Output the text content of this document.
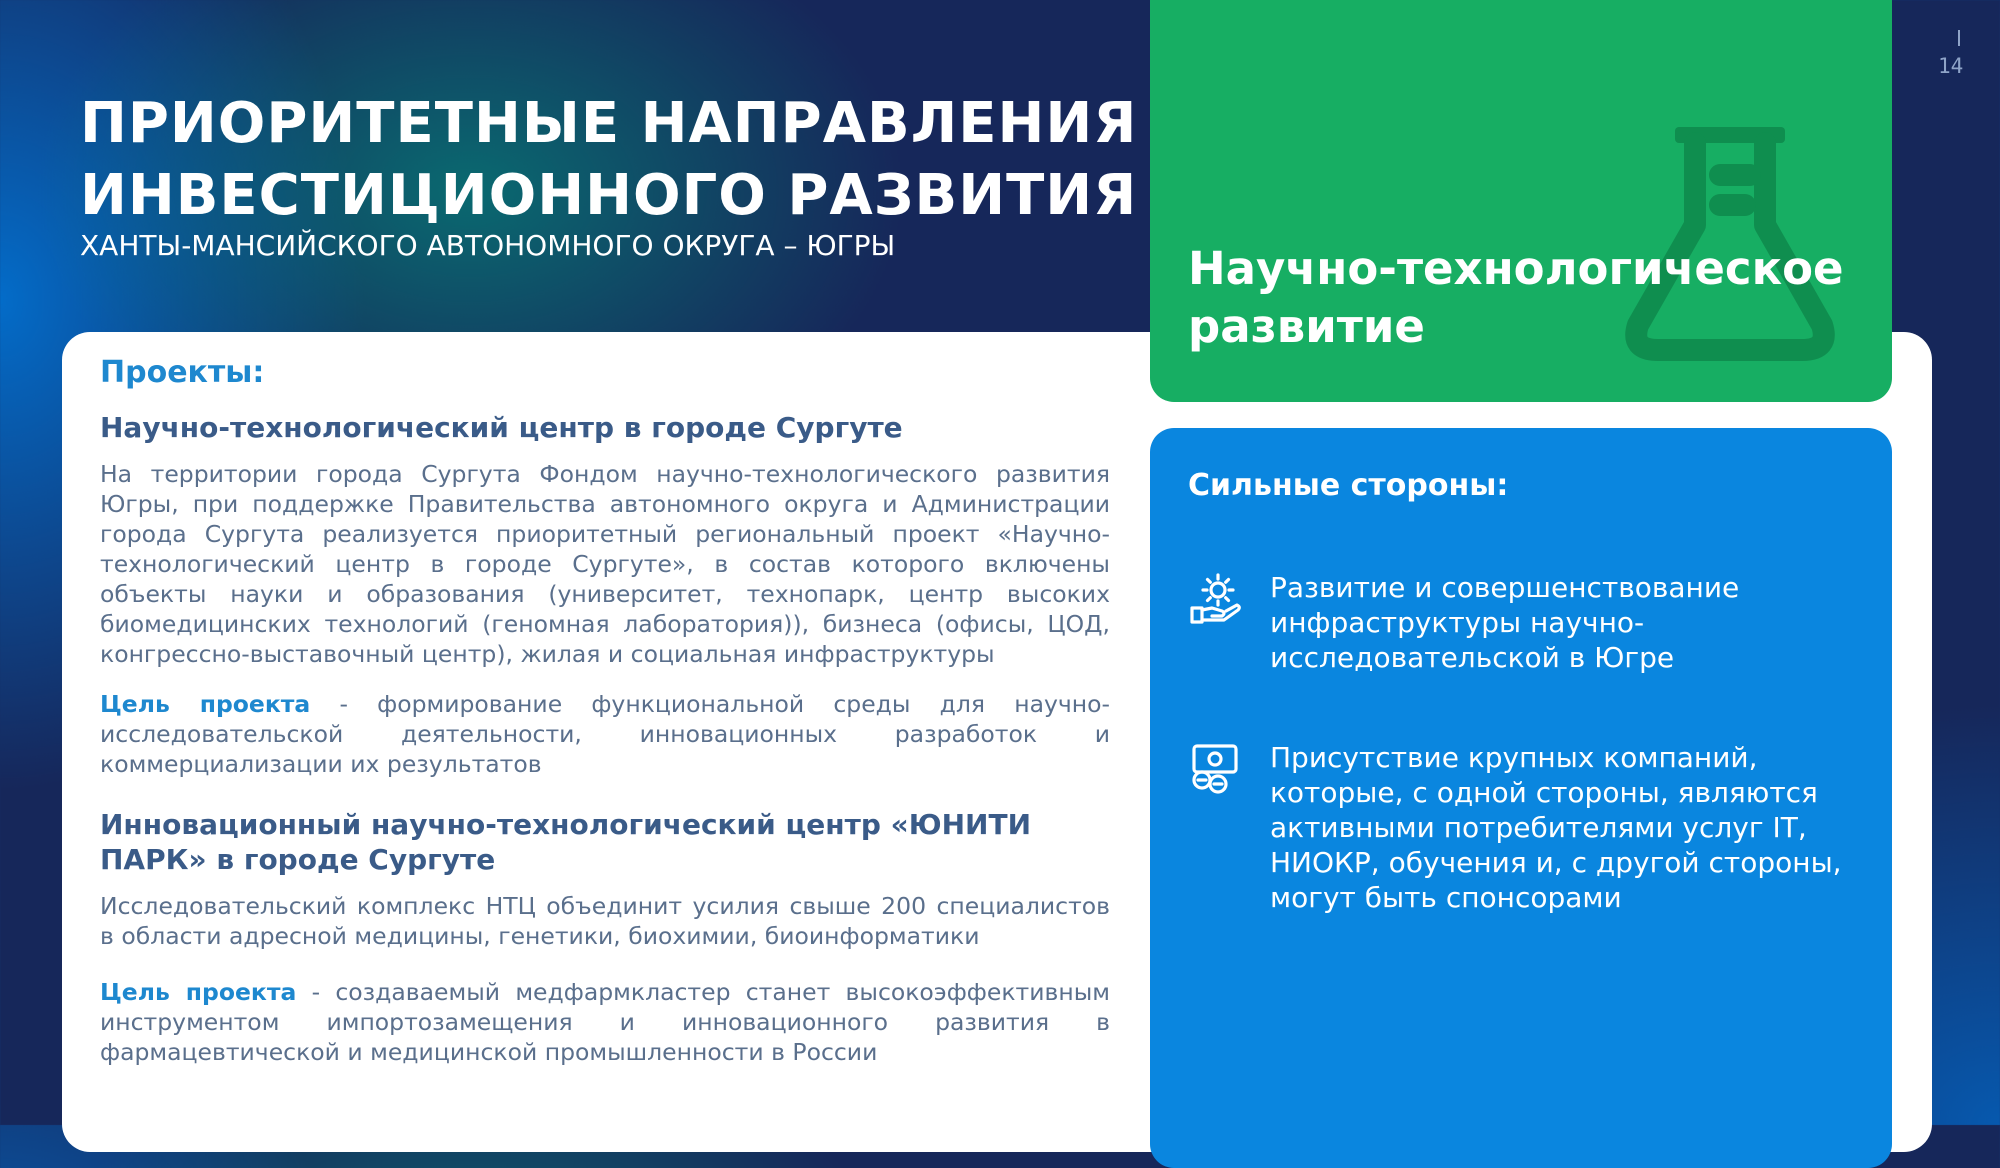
ПРИОРИТЕТНЫЕ НАПРАВЛЕНИЯ
ИНВЕСТИЦИОННОГО РАЗВИТИЯ
ХАНТЫ-МАНСИЙСКОГО АВТОНОМНОГО ОКРУГА – ЮГРЫ
14
Проекты:
Научно-технологический центр в городе Сургуте

На территории города Сургута Фондом научно-технологического развития Югры, при поддержке Правительства автономного округа и Администрации города Сургута реализуется приоритетный региональный проект «Научно-технологический центр в городе Сургуте», в состав которого включены объекты науки и образования (университет, технопарк, центр высоких биомедицинских технологий (геномная лаборатория)), бизнеса (офисы, ЦОД, конгрессно-выставочный центр), жилая и социальная инфраструктуры

Цель проекта - формирование функциональной среды для научно-исследовательской деятельности, инновационных разработок и коммерциализации их результатов

Инновационный научно-технологический центр «ЮНИТИ ПАРК» в городе Сургуте

Исследовательский комплекс НТЦ объединит усилия свыше 200 специалистов в области адресной медицины, генетики, биохимии, биоинформатики

Цель проекта - создаваемый медфармкластер станет высокоэффективным инструментом импортозамещения и инновационного развития в фармацевтической и медицинской промышленности в России

Научно-технологическое
развитие
Сильные стороны:
Развитие и совершенствование инфраструктуры научно-исследовательской в Югре
Присутствие крупных компаний, которые, с одной стороны, являются активными потребителями услуг IT, НИОКР, обучения и, с другой стороны, могут быть спонсорами
